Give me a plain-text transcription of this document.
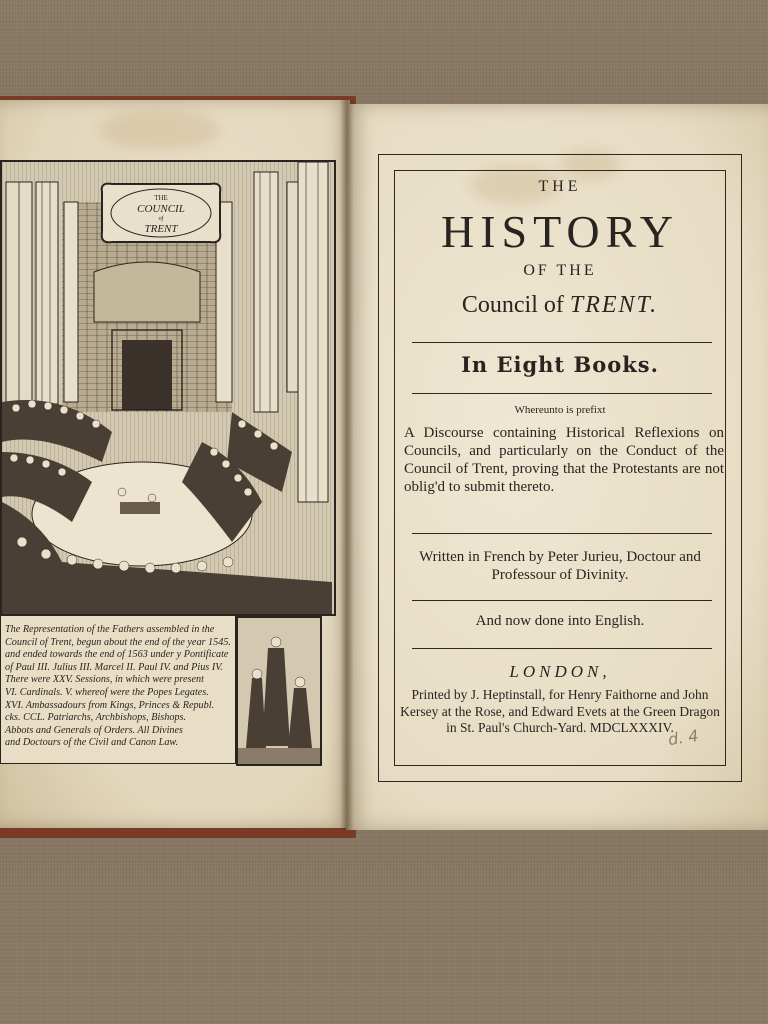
THE
COUNCIL
of
TRENT
The Representation of the Fathers assembled in the
Council of Trent, begun about the end of the year 1545.
and ended towards the end of 1563 under y Pontificate
of Paul III. Julius III. Marcel II. Paul IV. and Pius IV.
There were XXV. Sessions, in which were present
VI. Cardinals. V. whereof were the Popes Legates.
XVI. Ambassadours from Kings, Princes & Republ.
cks. CCL. Patriarchs, Archbishops, Bishops.
Abbots and Generals of Orders. All Divines
and Doctours of the Civil and Canon Law.
THE
HISTORY
OF THE
Council of TRENT.
In Eight Books.
Whereunto is prefixt
A Discourse containing Historical Reflexions on Councils, and particularly on the Conduct of the Council of Trent, proving that the Protestants are not oblig'd to submit thereto.
Written in French by Peter Jurieu, Doctour and Professour of Divinity.
And now done into English.
LONDON,
Printed by J. Heptinstall, for Henry Faithorne and John Kersey at the Rose, and Edward Evets at the Green Dragon in St. Paul's Church-Yard. MDCLXXXIV.
d. 4
